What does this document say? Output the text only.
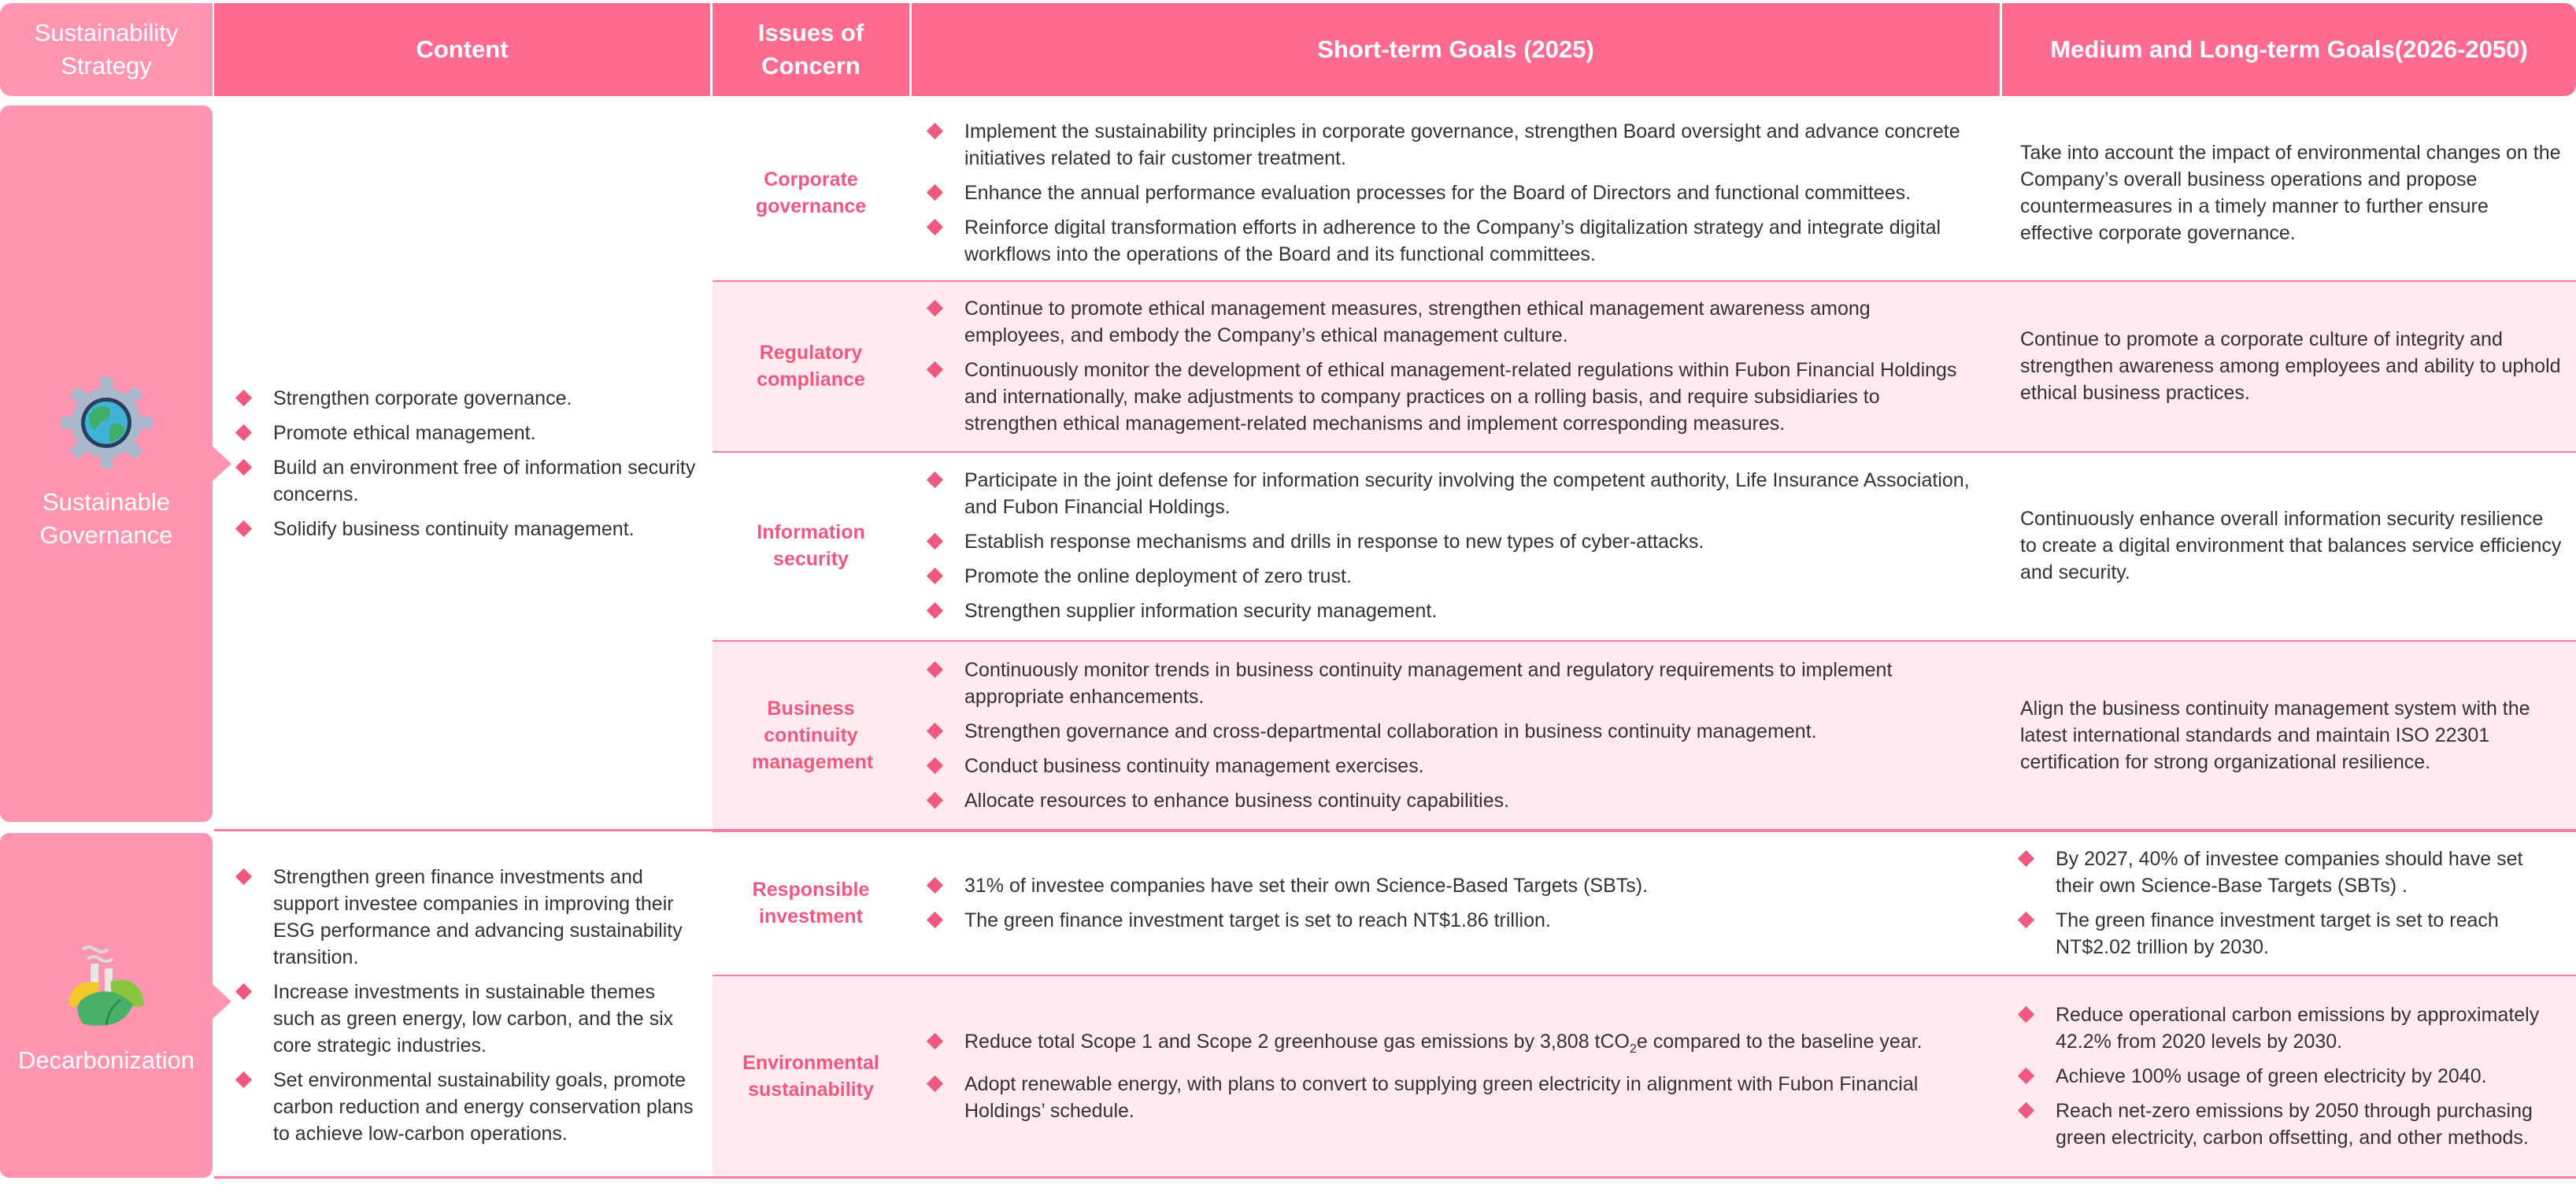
Sustainability Strategy
Content
Issues of Concern
Short-term Goals (2025)	Medium and Long-term Goals(2026-2050)
Sustainable Governance
Strengthen corporate governance.
Promote ethical management.
Build an environment free of information security concerns.
Solidify business continuity management.
Corporate governance
Implement the sustainability principles in corporate governance, strengthen Board oversight and advance concrete initiatives related to fair customer treatment.
Enhance the annual performance evaluation processes for the Board of Directors and functional committees.
Reinforce digital transformation efforts in adherence to the Company’s digitalization strategy and integrate digital workflows into the operations of the Board and its functional committees.
Take into account the impact of environmental changes on the Company’s overall business operations and propose countermeasures in a timely manner to further ensure effective corporate governance.
Regulatory compliance
Continue to promote ethical management measures, strengthen ethical management awareness among employees, and embody the Company’s ethical management culture.
Continuously monitor the development of ethical management-related regulations within Fubon Financial Holdings and internationally, make adjustments to company practices on a rolling basis, and require subsidiaries to strengthen ethical management-related mechanisms and implement corresponding measures.
Continue to promote a corporate culture of integrity and strengthen awareness among employees and ability to uphold ethical business practices.
Information security
Participate in the joint defense for information security involving the competent authority, Life Insurance Association, and Fubon Financial Holdings.
Establish response mechanisms and drills in response to new types of cyber-attacks.
Promote the online deployment of zero trust.
Strengthen supplier information security management.
Continuously enhance overall information security resilience to create a digital environment that balances service efficiency and security.
Business continuity management
Continuously monitor trends in business continuity management and regulatory requirements to implement appropriate enhancements.
Strengthen governance and cross-departmental collaboration in business continuity management.
Conduct business continuity management exercises.
Allocate resources to enhance business continuity capabilities.
Align the business continuity management system with the latest international standards and maintain ISO 22301 certification for strong organizational resilience.
Decarbonization
Strengthen green finance investments and support investee companies in improving their ESG performance and advancing sustainability transition.
Increase investments in sustainable themes such as green energy, low carbon, and the six core strategic industries.
Set environmental sustainability goals, promote carbon reduction and energy conservation plans to achieve low-carbon operations.
Responsible investment
31% of investee companies have set their own Science-Based Targets (SBTs).
The green finance investment target is set to reach NT$1.86 trillion.
By 2027, 40% of investee companies should have set their own Science-Base Targets (SBTs) .
The green finance investment target is set to reach NT$2.02 trillion by 2030.
Environmental sustainability
Reduce total Scope 1 and Scope 2 greenhouse gas emissions by 3,808 tCO$_2$e compared to the baseline year.
Adopt renewable energy, with plans to convert to supplying green electricity in alignment with Fubon Financial Holdings’ schedule.
Reduce operational carbon emissions by approximately 42.2% from 2020 levels by 2030.
Achieve 100% usage of green electricity by 2040.
Reach net-zero emissions by 2050 through purchasing green electricity, carbon offsetting, and other methods.
